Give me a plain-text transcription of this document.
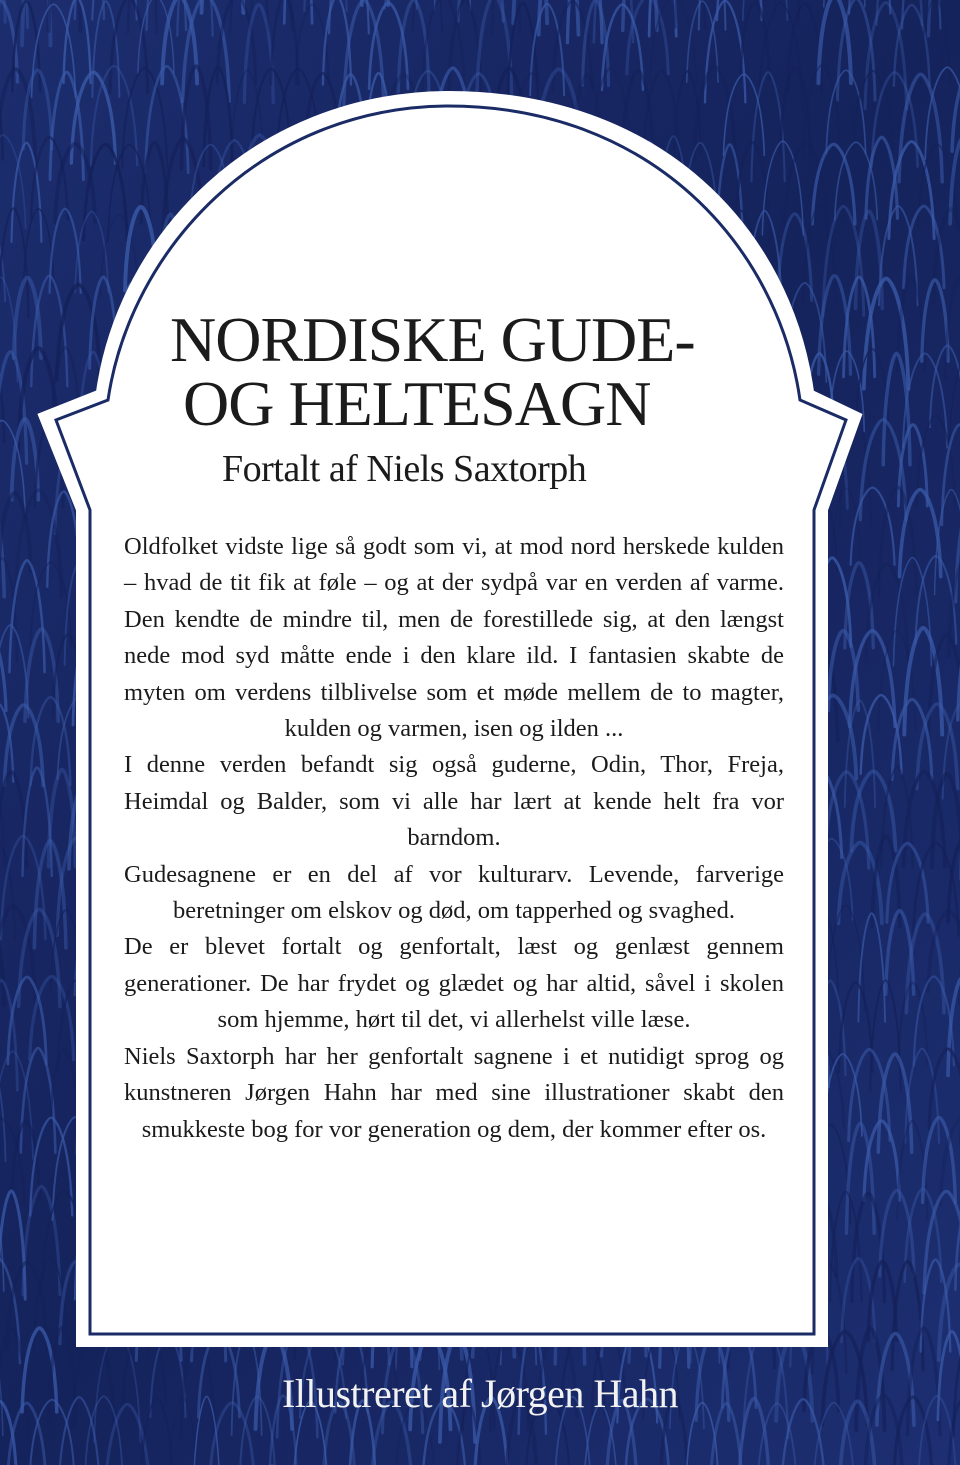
NORDISKE GUDE-
OG HELTESAGN
Fortalt af Niels Saxtorph

Oldfolket vidste lige så godt som vi, at mod nord herskede kulden – hvad de tit fik at føle – og at der sydpå var en verden af varme. Den kendte de mindre til, men de forestillede sig, at den længst nede mod syd måtte ende i den klare ild. I fantasien skabte de myten om verdens tilblivelse som et møde mellem de to magter, kulden og varmen, isen og ilden ...

I denne verden befandt sig også guderne, Odin, Thor, Freja, Heimdal og Balder, som vi alle har lært at kende helt fra vor barndom.

Gudesagnene er en del af vor kulturarv. Levende, farverige beretninger om elskov og død, om tapperhed og svaghed.

De er blevet fortalt og genfortalt, læst og genlæst gennem generationer. De har frydet og glædet og har altid, såvel i skolen som hjemme, hørt til det, vi allerhelst ville læse.

Niels Saxtorph har her genfortalt sagnene i et nutidigt sprog og kunstneren Jørgen Hahn har med sine illustrationer skabt den smukkeste bog for vor generation og dem, der kommer efter os.

Illustreret af Jørgen Hahn
